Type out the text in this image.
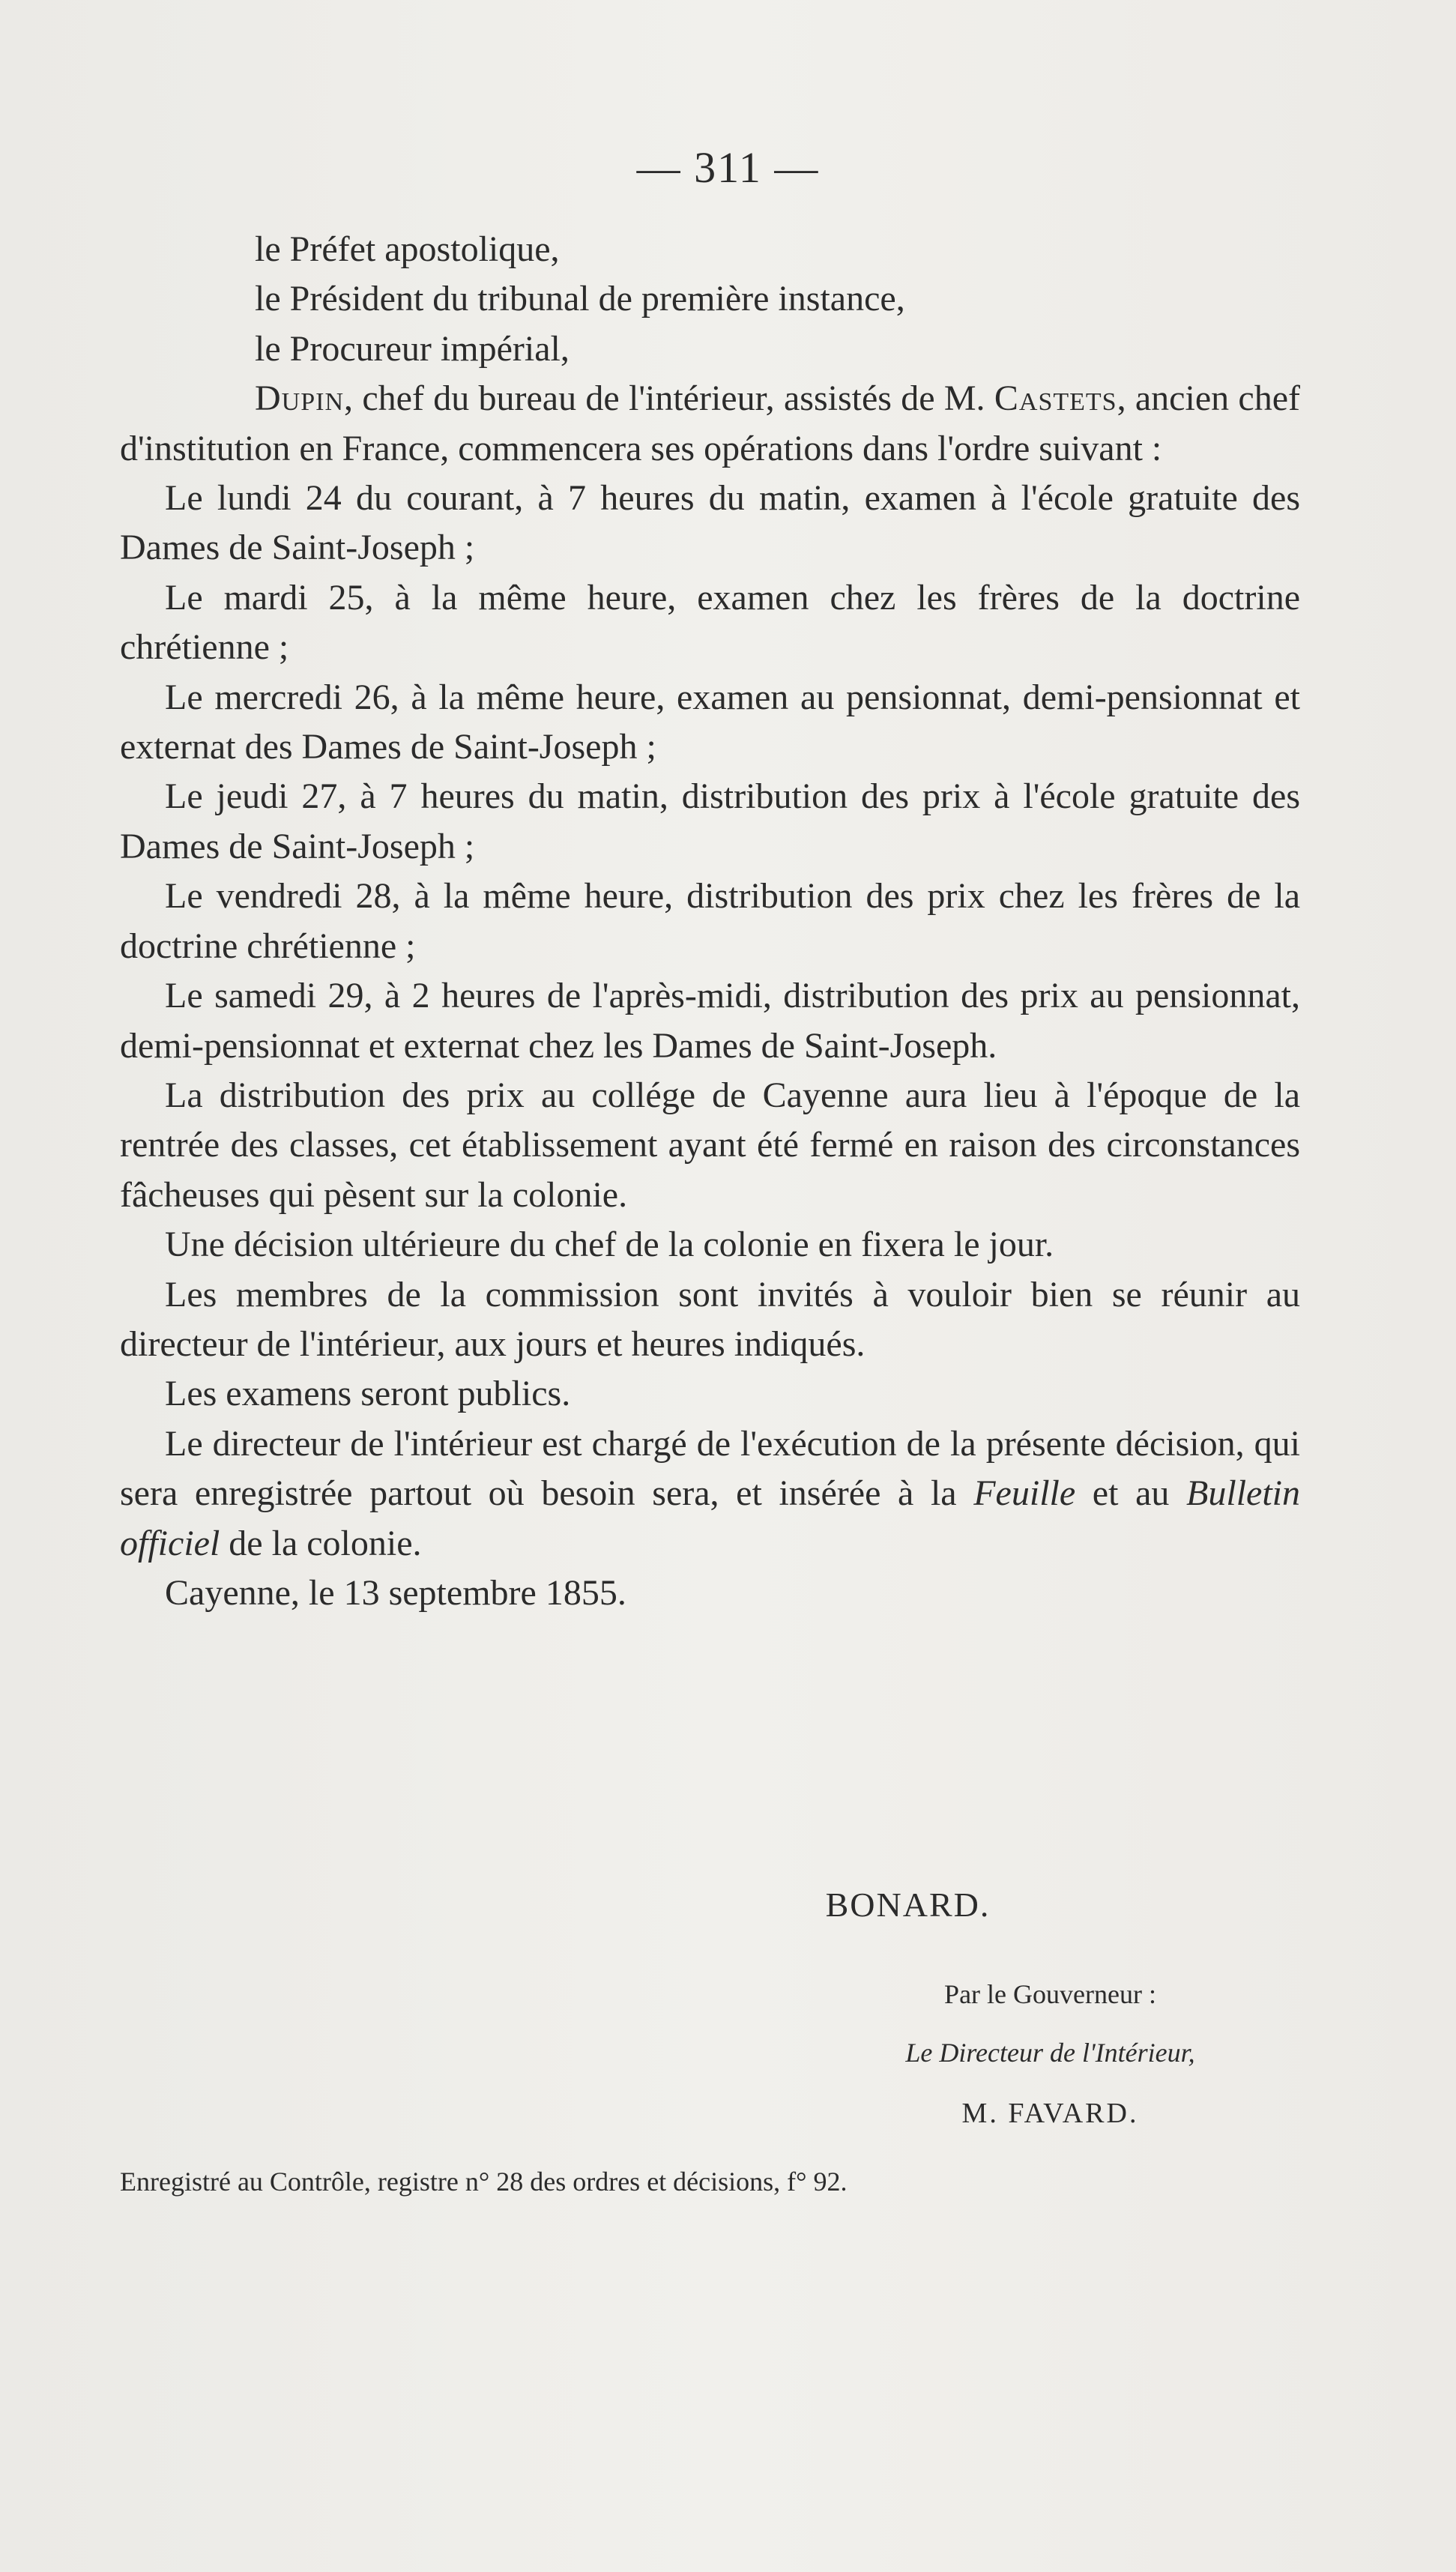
— 311 —
le Préfet apostolique,
le Président du tribunal de première instance,
le Procureur impérial,
Dupin, chef du bureau de l'intérieur, assistés de M. Castets, ancien chef d'institution en France, commencera ses opérations dans l'ordre suivant :
Le lundi 24 du courant, à 7 heures du matin, examen à l'école gratuite des Dames de Saint-Joseph ;
Le mardi 25, à la même heure, examen chez les frères de la doctrine chrétienne ;
Le mercredi 26, à la même heure, examen au pensionnat, demi-pensionnat et externat des Dames de Saint-Joseph ;
Le jeudi 27, à 7 heures du matin, distribution des prix à l'école gratuite des Dames de Saint-Joseph ;
Le vendredi 28, à la même heure, distribution des prix chez les frères de la doctrine chrétienne ;
Le samedi 29, à 2 heures de l'après-midi, distribution des prix au pensionnat, demi-pensionnat et externat chez les Dames de Saint-Joseph.
La distribution des prix au collége de Cayenne aura lieu à l'époque de la rentrée des classes, cet établissement ayant été fermé en raison des circonstances fâcheuses qui pèsent sur la colonie.
Une décision ultérieure du chef de la colonie en fixera le jour.
Les membres de la commission sont invités à vouloir bien se réunir au directeur de l'intérieur, aux jours et heures indiqués.
Les examens seront publics.
Le directeur de l'intérieur est chargé de l'exécution de la présente décision, qui sera enregistrée partout où besoin sera, et insérée à la Feuille et au Bulletin officiel de la colonie.
Cayenne, le 13 septembre 1855.
BONARD.
Par le Gouverneur :
Le Directeur de l'Intérieur,
M. FAVARD.
Enregistré au Contrôle, registre n° 28 des ordres et décisions, f° 92.
